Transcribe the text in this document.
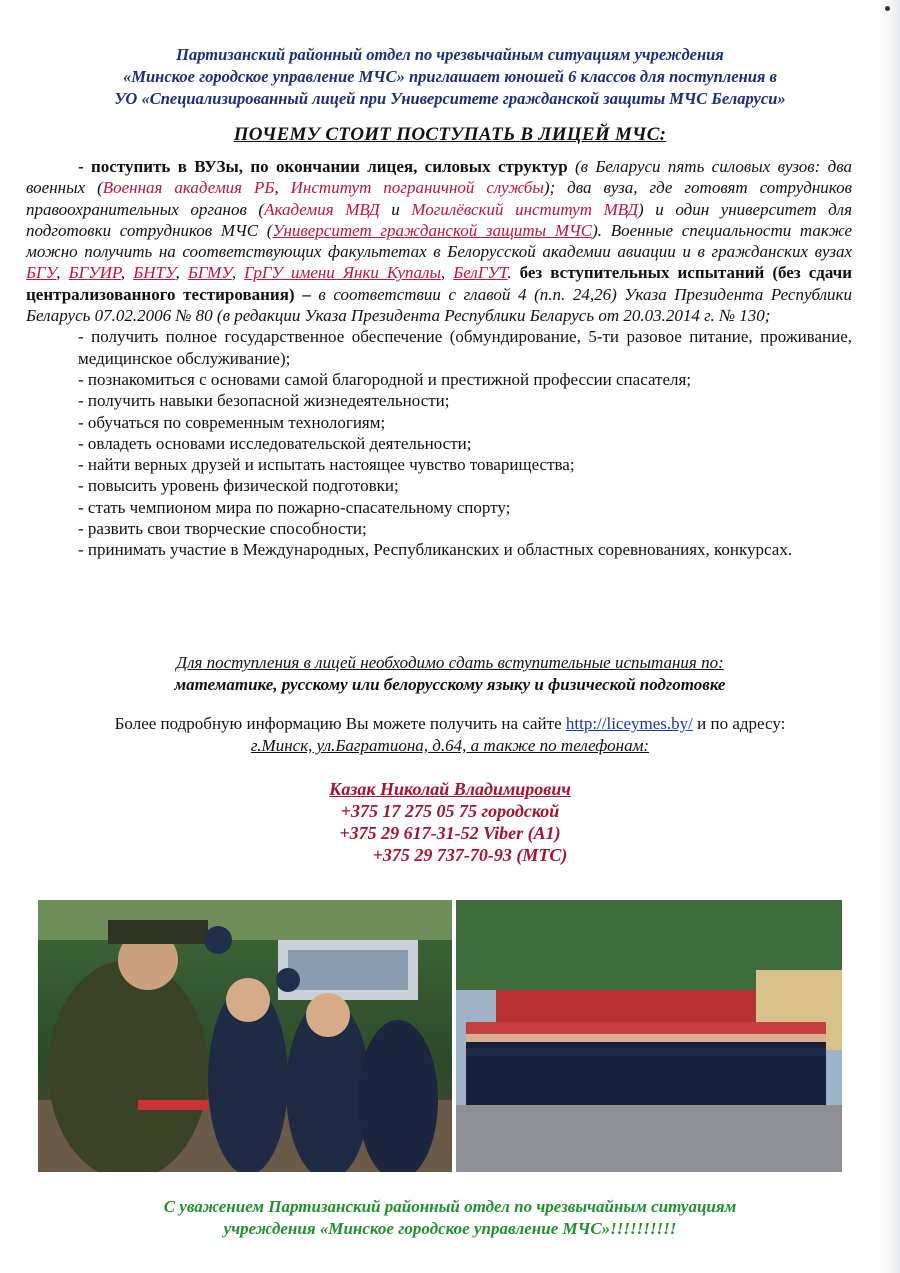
Партизанский районный отдел по чрезвычайным ситуациям учреждения
«Минское городское управление МЧС» приглашает юношей 6 классов для поступления в
УО «Специализированный лицей при Университете гражданской защиты МЧС Беларуси»
ПОЧЕМУ СТОИТ ПОСТУПАТЬ В ЛИЦЕЙ МЧС:

- поступить в ВУЗы, по окончании лицея, силовых структур (в Беларуси пять силовых вузов: два военных (Военная академия РБ, Институт пограничной службы); два вуза, где готовят сотрудников правоохранительных органов (Академия МВД и Могилёвский институт МВД) и один университет для подготовки сотрудников МЧС (Университет гражданской защиты МЧС). Военные специальности также можно получить на соответствующих факультетах в Белорусской академии авиации и в гражданских вузах БГУ, БГУИР, БНТУ, БГМУ, ГрГУ имени Янки Купалы, БелГУТ. без вступительных испытаний (без сдачи централизованного тестирования) – в соответствии с главой 4 (п.п. 24,26) Указа Президента Республики Беларусь 07.02.2006 № 80 (в редакции Указа Президента Республики Беларусь от 20.03.2014 г. № 130;

- получить полное государственное обеспечение (обмундирование, 5-ти разовое питание, проживание, медицинское обслуживание);
- познакомиться с основами самой благородной и престижной профессии спасателя;
- получить навыки безопасной жизнедеятельности;
- обучаться по современным технологиям;
- овладеть основами исследовательской деятельности;
- найти верных друзей и испытать настоящее чувство товарищества;
- повысить уровень физической подготовки;
- стать чемпионом мира по пожарно-спасательному спорту;
- развить свои творческие способности;
- принимать участие в Международных, Республиканских и областных соревнованиях, конкурсах.
Для поступления в лицей необходимо сдать вступительные испытания по:
математике, русскому или белорусскому языку и физической подготовке
Более подробную информацию Вы можете получить на сайте http://liceymes.by/ и по адресу:
г.Минск, ул.Багратиона, д.64, а также по телефонам:
Казак Николай Владимирович
+375 17 275 05 75 городской
+375 29 617-31-52 Viber (А1)
+375 29 737-70-93 (МТС)
С уважением Партизанский районный отдел по чрезвычайным ситуациям
учреждения «Минское городское управление МЧС»!!!!!!!!!!
